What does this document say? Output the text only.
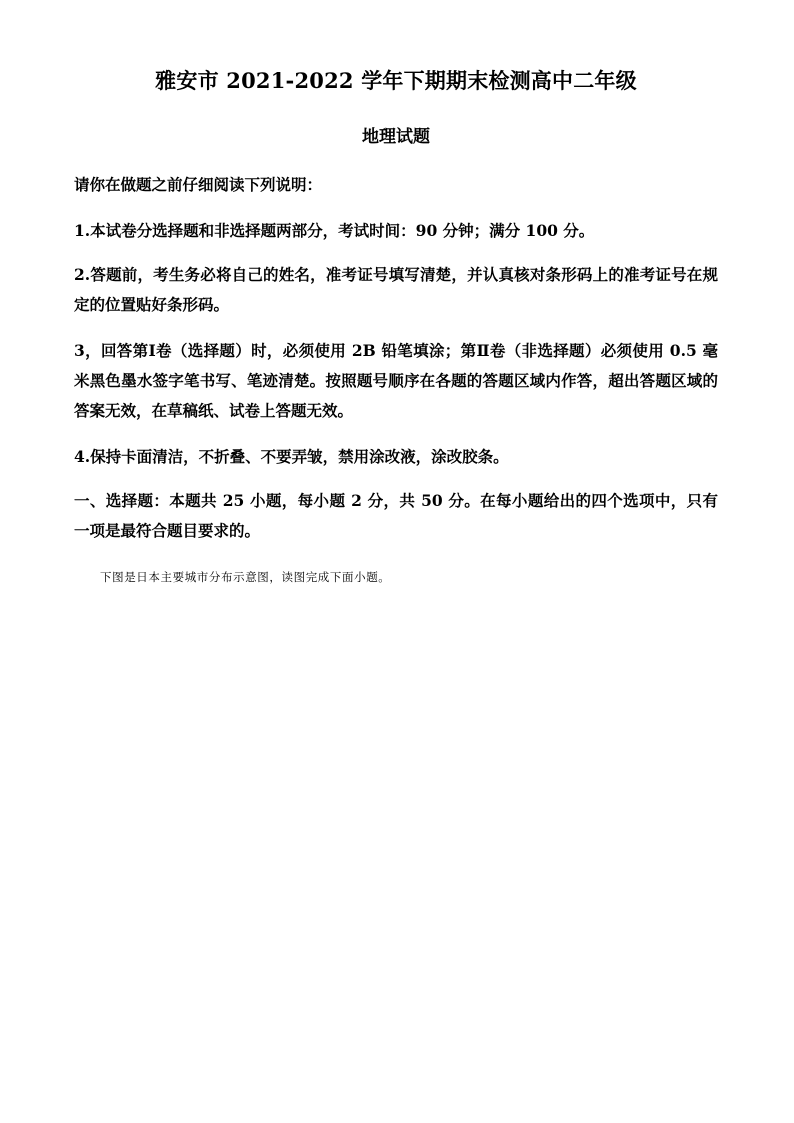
雅安市 2021-2022 学年下期期末检测高中二年级
地理试题

请你在做题之前仔细阅读下列说明：

1.本试卷分选择题和非选择题两部分，考试时间：90 分钟；满分 100 分。

2.答题前，考生务必将自己的姓名，准考证号填写清楚，并认真核对条形码上的准考证号在规定的位置贴好条形码。

3，回答第Ⅰ卷（选择题）时，必须使用 2B 铅笔填涂；第Ⅱ卷（非选择题）必须使用 0.5 毫米黑色墨水签字笔书写、笔迹清楚。按照题号顺序在各题的答题区域内作答，超出答题区域的答案无效，在草稿纸、试卷上答题无效。

4.保持卡面清洁，不折叠、不要弄皱，禁用涂改液，涂改胶条。

一、选择题：本题共 25 小题，每小题 2 分，共 50 分。在每小题给出的四个选项中，只有一项是最符合题目要求的。

下图是日本主要城市分布示意图，读图完成下面小题。
